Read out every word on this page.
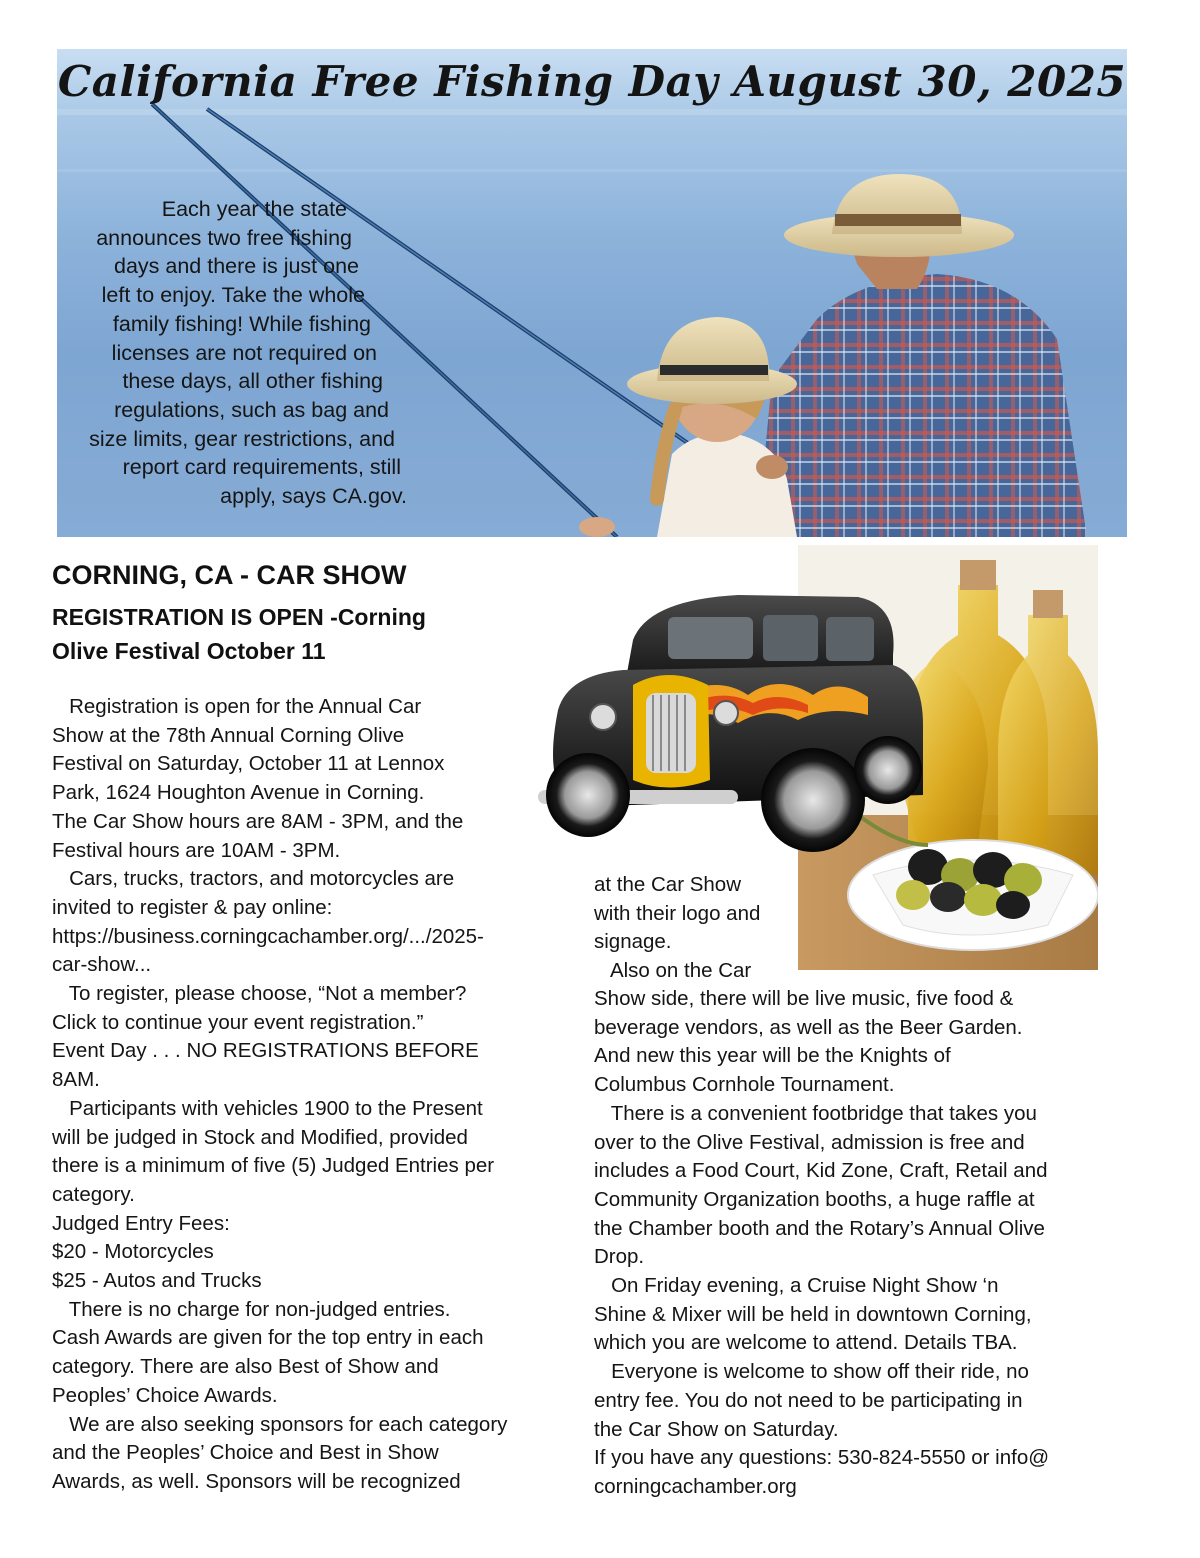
California Free Fishing Day August 30, 2025
Each year the state
announces two free fishing
days and there is just one
left to enjoy. Take the whole
family fishing! While fishing
licenses are not required on
these days, all other fishing
regulations, such as bag and
size limits, gear restrictions, and
report card requirements, still
apply, says CA.gov.
CORNING, CA - CAR SHOW
REGISTRATION IS OPEN -Corning
Olive Festival October 11
Registration is open for the Annual Car
Show at the 78th Annual Corning Olive
Festival on Saturday, October 11 at Lennox
Park, 1624 Houghton Avenue in Corning.
The Car Show hours are 8AM - 3PM, and the
Festival hours are 10AM - 3PM.
Cars, trucks, tractors, and motorcycles are
invited to register & pay online:
https://business.corningcachamber.org/.../2025-
car-show...
To register, please choose, “Not a member?
Click to continue your event registration.”
Event Day . . . NO REGISTRATIONS BEFORE
8AM.
Participants with vehicles 1900 to the Present
will be judged in Stock and Modified, provided
there is a minimum of five (5) Judged Entries per
category.
Judged Entry Fees:
$20 - Motorcycles
$25 - Autos and Trucks
There is no charge for non-judged entries.
Cash Awards are given for the top entry in each
category. There are also Best of Show and
Peoples’ Choice Awards.
We are also seeking sponsors for each category
and the Peoples’ Choice and Best in Show
Awards, as well. Sponsors will be recognized
at the Car Show
with their logo and
signage.
Also on the Car
Show side, there will be live music, five food &
beverage vendors, as well as the Beer Garden.
And new this year will be the Knights of
Columbus Cornhole Tournament.
There is a convenient footbridge that takes you
over to the Olive Festival, admission is free and
includes a Food Court, Kid Zone, Craft, Retail and
Community Organization booths, a huge raffle at
the Chamber booth and the Rotary’s Annual Olive
Drop.
On Friday evening, a Cruise Night Show ‘n
Shine & Mixer will be held in downtown Corning,
which you are welcome to attend. Details TBA.
Everyone is welcome to show off their ride, no
entry fee. You do not need to be participating in
the Car Show on Saturday.
If you have any questions: 530-824-5550 or info@
corningcachamber.org
